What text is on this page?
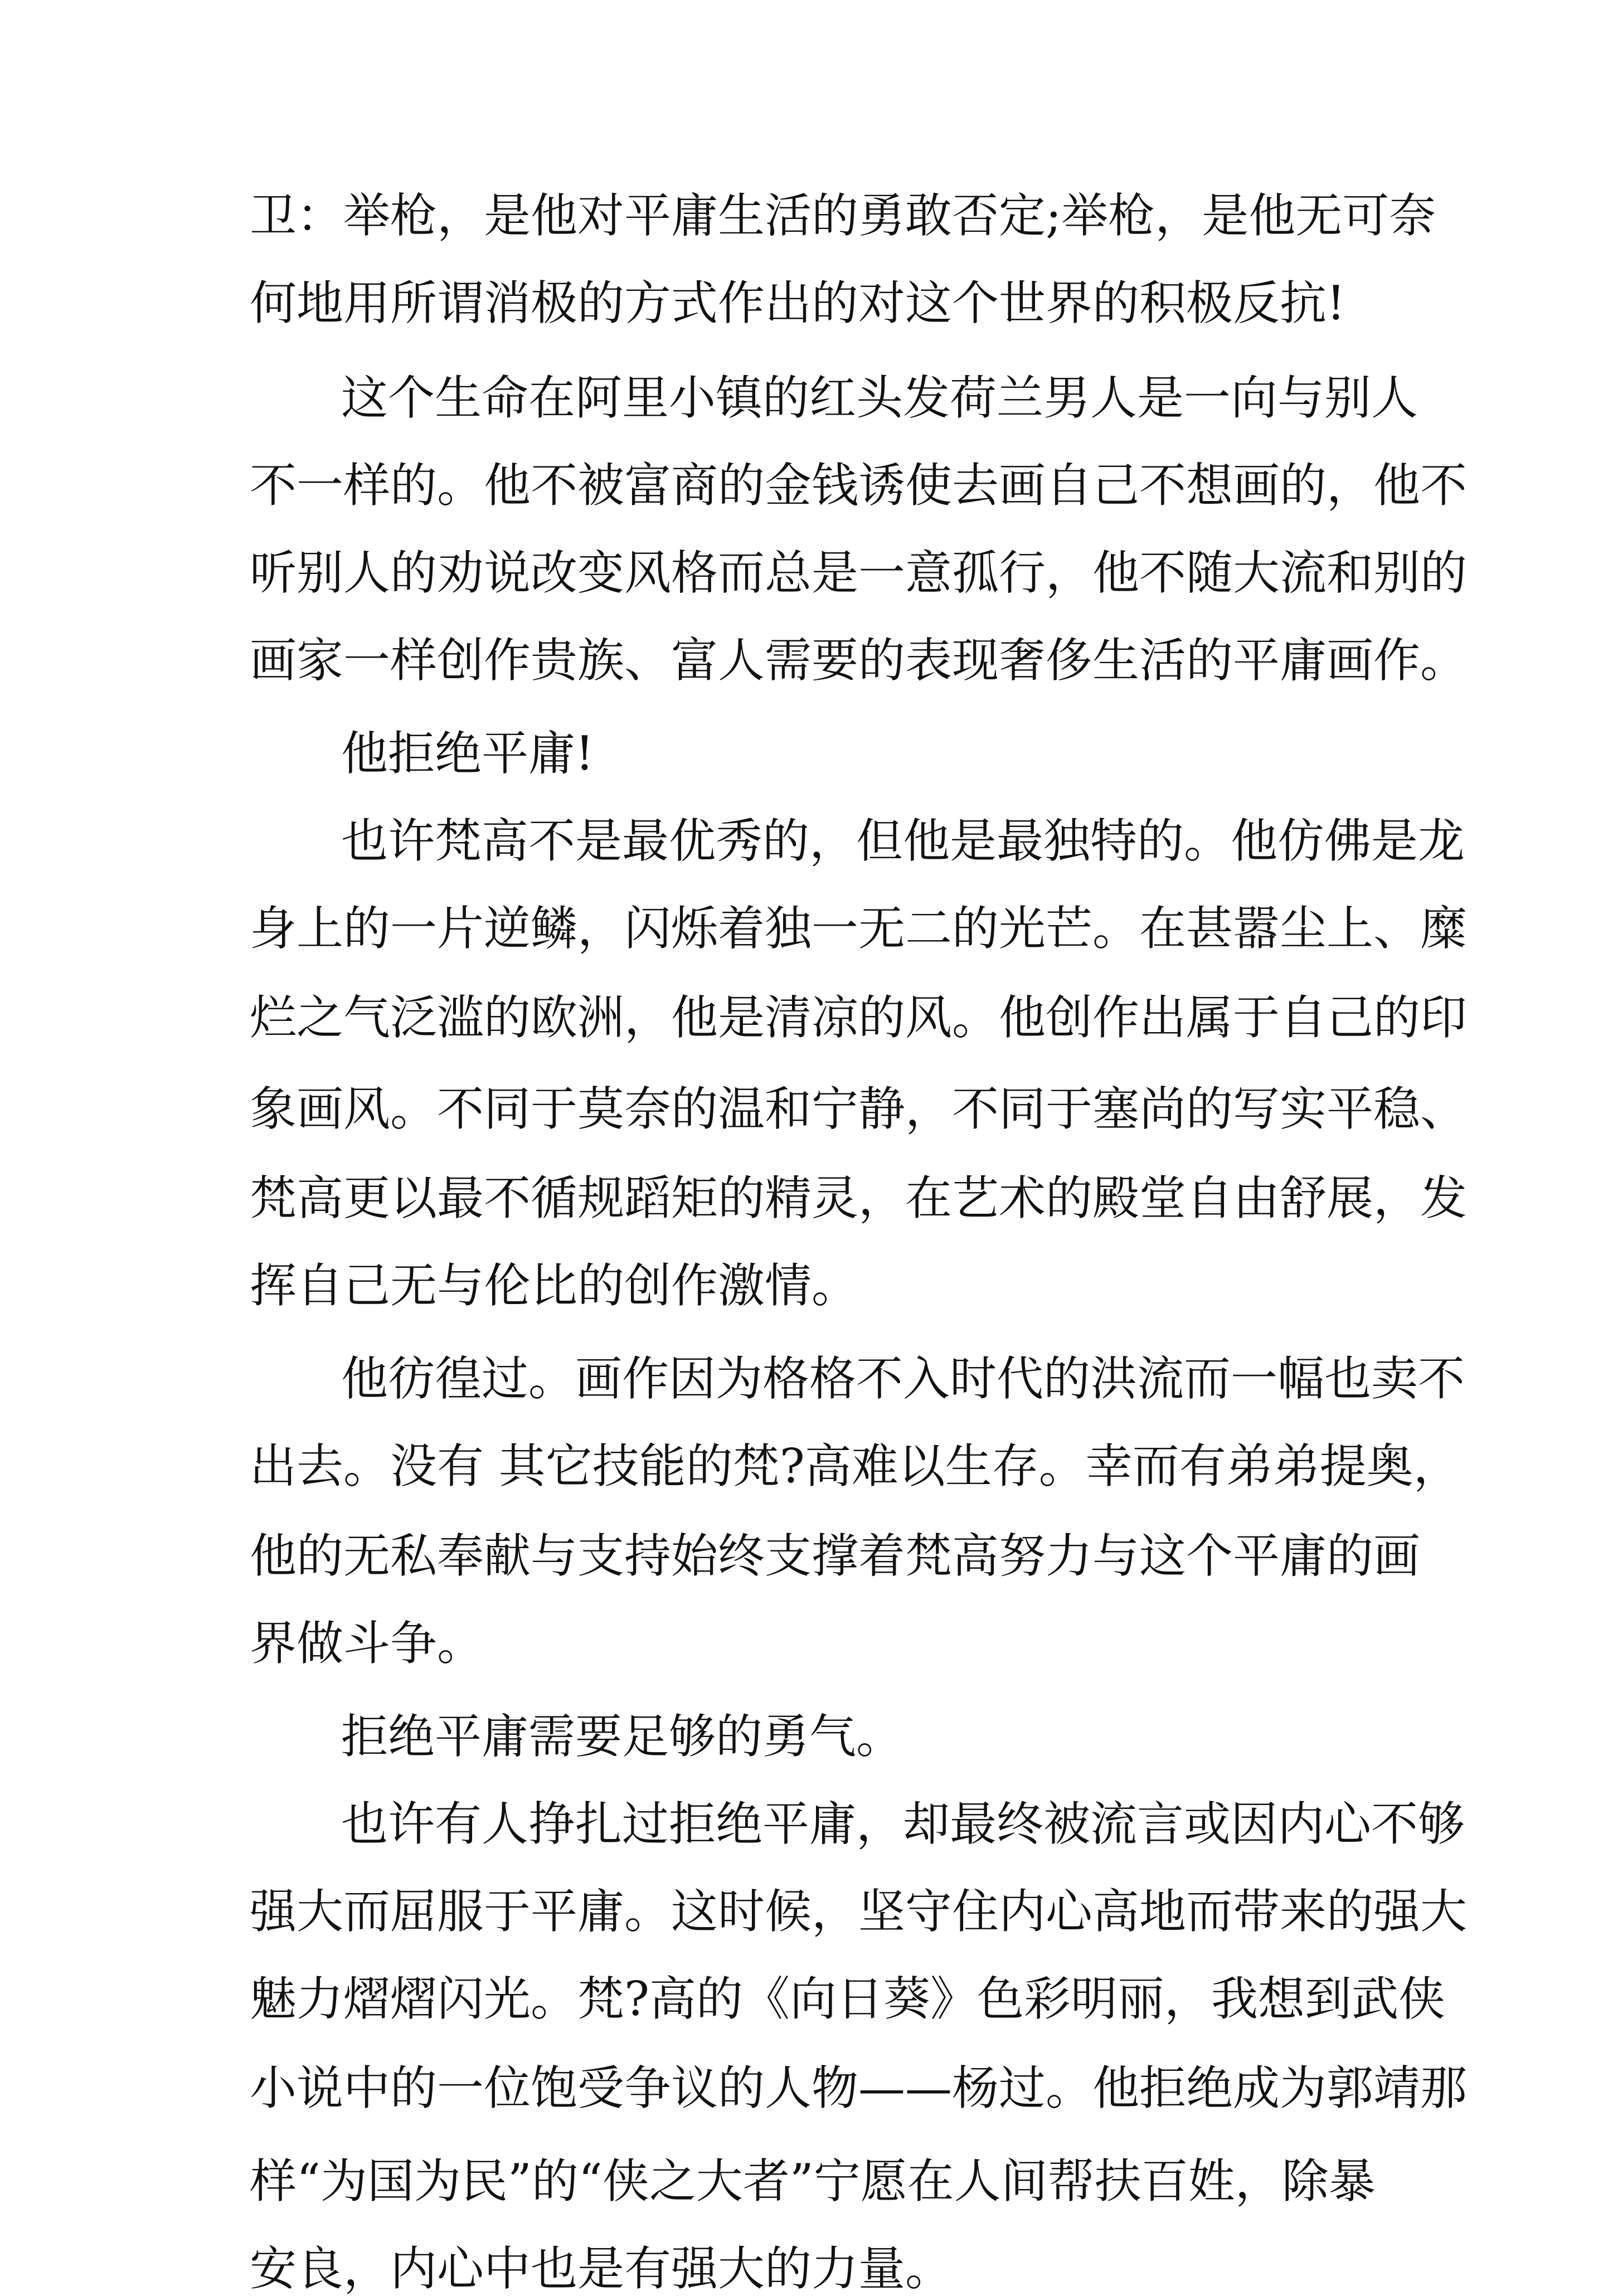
卫：举枪，是他对平庸生活的勇敢否定;举枪，是他无可奈
何地用所谓消极的方式作出的对这个世界的积极反抗!
这个生命在阿里小镇的红头发荷兰男人是一向与别人
不一样的。他不被富商的金钱诱使去画自己不想画的，他不
听别人的劝说改变风格而总是一意孤行，他不随大流和别的
画家一样创作贵族、富人需要的表现奢侈生活的平庸画作。
他拒绝平庸!
也许梵高不是最优秀的，但他是最独特的。他仿佛是龙
身上的一片逆鳞，闪烁着独一无二的光芒。在甚嚣尘上、糜
烂之气泛滥的欧洲，他是清凉的风。他创作出属于自己的印
象画风。不同于莫奈的温和宁静，不同于塞尚的写实平稳、
梵高更以最不循规蹈矩的精灵，在艺术的殿堂自由舒展，发
挥自己无与伦比的创作激情。
他彷徨过。画作因为格格不入时代的洪流而一幅也卖不
出去。没有 其它技能的梵?高难以生存。幸而有弟弟提奥，
他的无私奉献与支持始终支撑着梵高努力与这个平庸的画
界做斗争。
拒绝平庸需要足够的勇气。
也许有人挣扎过拒绝平庸，却最终被流言或因内心不够
强大而屈服于平庸。这时候，坚守住内心高地而带来的强大
魅力熠熠闪光。梵?高的《向日葵》色彩明丽，我想到武侠
小说中的一位饱受争议的人物——杨过。他拒绝成为郭靖那
样“为国为民”的“侠之大者”宁愿在人间帮扶百姓，除暴
安良，内心中也是有强大的力量。
